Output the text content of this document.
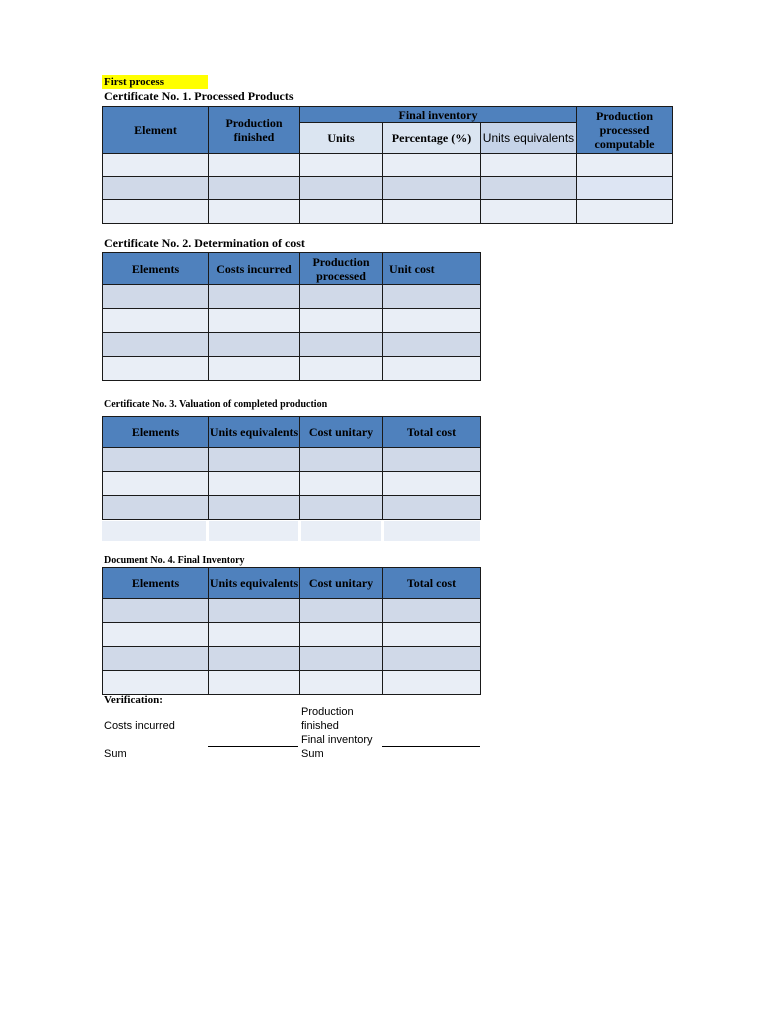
First process
Certificate No. 1. Processed Products
Element	Production finished	Final inventory			Production processed computable
		Units	Percentage (%)	Units equivalents	

Certificate No. 2. Determination of cost
Elements	Costs incurred	Production processed	Unit cost

Certificate No. 3. Valuation of completed production
Elements	Units equivalents	Cost unitary	Total cost

Document No. 4. Final Inventory
Elements	Units equivalents	Cost unitary	Total cost

Verification:
Costs incurred
Sum
Production finished
Final inventory
Sum
